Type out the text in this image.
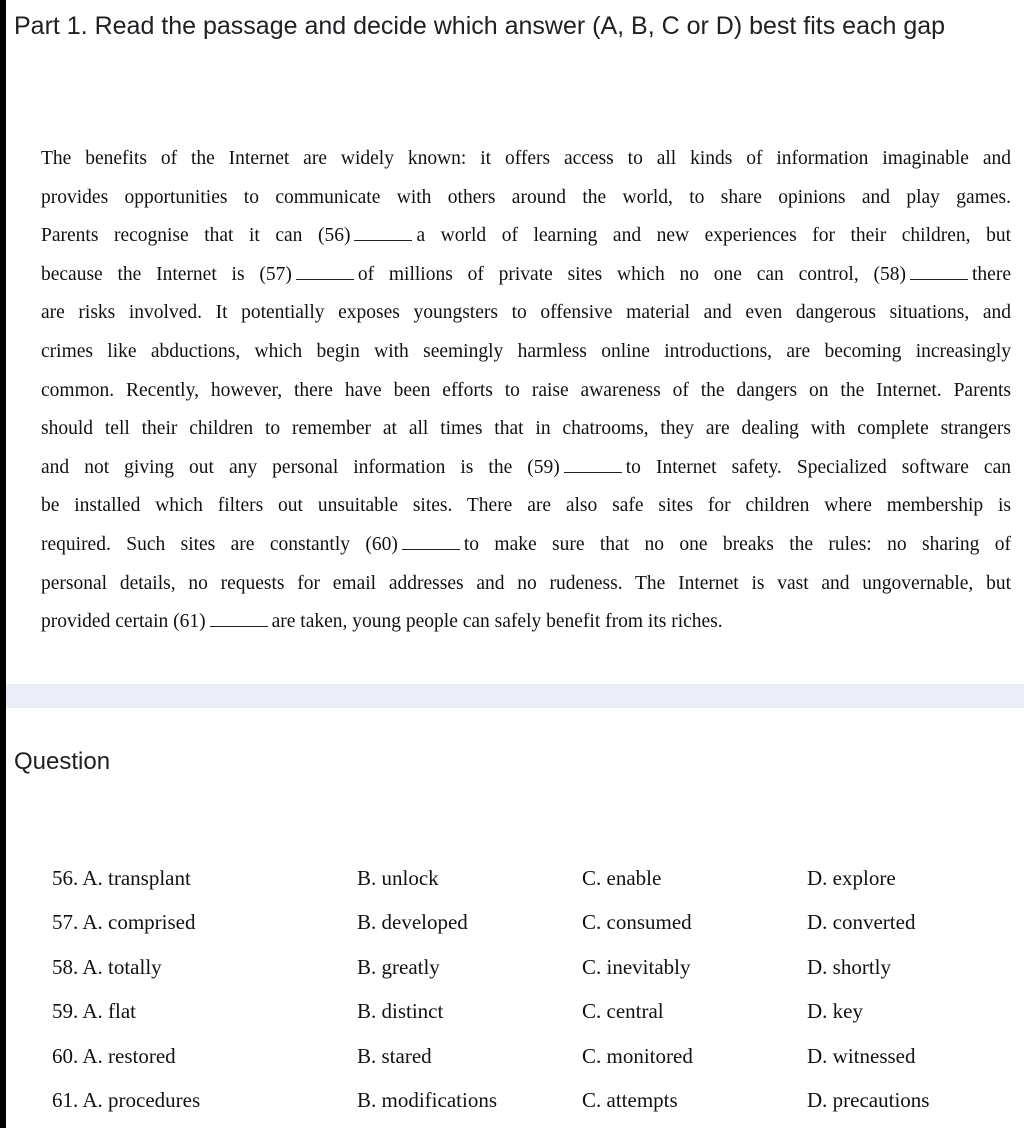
Part 1. Read the passage and decide which answer (A, B, C or D) best fits each gap
The benefits of the Internet are widely known: it offers access to all kinds of information imaginable and
provides opportunities to communicate with others around the world, to share opinions and play games.
Parents recognise that it can (56)	a world of learning and new experiences for their children, but
because the Internet is (57)	of millions of private sites which no one can control, (58)	there
are risks involved. It potentially exposes youngsters to offensive material and even dangerous situations, and
crimes like abductions, which begin with seemingly harmless online introductions, are becoming increasingly
common. Recently, however, there have been efforts to raise awareness of the dangers on the Internet. Parents
should tell their children to remember at all times that in chatrooms, they are dealing with complete strangers
and not giving out any personal information is the (59)	to Internet safety. Specialized software can
be installed which filters out unsuitable sites. There are also safe sites for children where membership is
required. Such sites are constantly (60)	to make sure that no one breaks the rules: no sharing of
personal details, no requests for email addresses and no rudeness. The Internet is vast and ungovernable, but
provided certain (61)	are taken, young people can safely benefit from its riches.
Question
56. A. transplant	B. unlock	C. enable	D. explore
57. A. comprised	B. developed	C. consumed	D. converted
58. A. totally	B. greatly	C. inevitably	D. shortly
59. A. flat	B. distinct	C. central	D. key
60. A. restored	B. stared	C. monitored	D. witnessed
61. A. procedures	B. modifications	C. attempts	D. precautions
